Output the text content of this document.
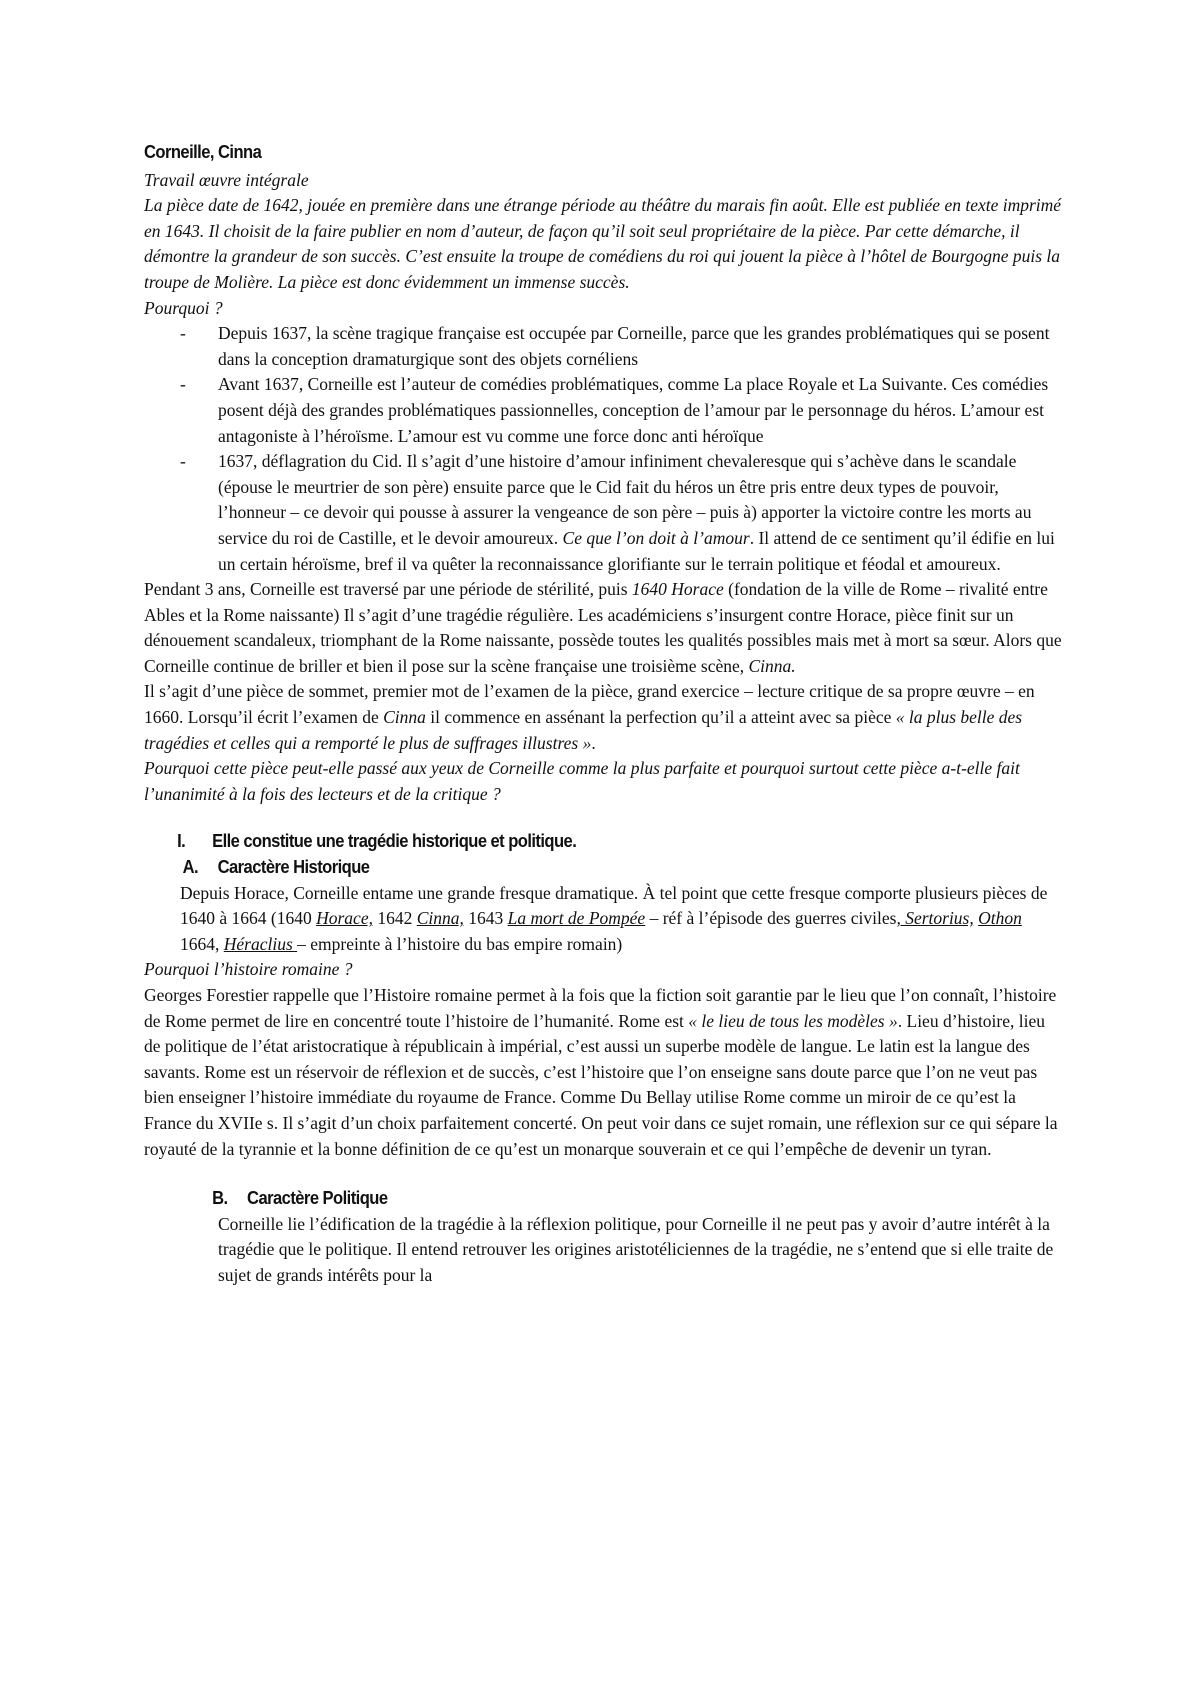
Corneille, Cinna

Travail œuvre intégrale

La pièce date de 1642, jouée en première dans une étrange période au théâtre du marais fin août. Elle est publiée en texte imprimé en 1643. Il choisit de la faire publier en nom d’auteur, de façon qu’il soit seul propriétaire de la pièce. Par cette démarche, il démontre la grandeur de son succès. C’est ensuite la troupe de comédiens du roi qui jouent la pièce à l’hôtel de Bourgogne puis la troupe de Molière. La pièce est donc évidemment un immense succès.

Pourquoi ?

- Depuis 1637, la scène tragique française est occupée par Corneille, parce que les grandes problématiques qui se posent dans la conception dramaturgique sont des objets cornéliens
- Avant 1637, Corneille est l’auteur de comédies problématiques, comme La place Royale et La Suivante. Ces comédies posent déjà des grandes problématiques passionnelles, conception de l’amour par le personnage du héros. L’amour est antagoniste à l’héroïsme. L’amour est vu comme une force donc anti héroïque
- 1637, déflagration du Cid. Il s’agit d’une histoire d’amour infiniment chevaleresque qui s’achève dans le scandale (épouse le meurtrier de son père) ensuite parce que le Cid fait du héros un être pris entre deux types de pouvoir, l’honneur – ce devoir qui pousse à assurer la vengeance de son père – puis à) apporter la victoire contre les morts au service du roi de Castille, et le devoir amoureux. Ce que l’on doit à l’amour. Il attend de ce sentiment qu’il édifie en lui un certain héroïsme, bref il va quêter la reconnaissance glorifiante sur le terrain politique et féodal et amoureux.

Pendant 3 ans, Corneille est traversé par une période de stérilité, puis 1640 Horace (fondation de la ville de Rome – rivalité entre Ables et la Rome naissante) Il s’agit d’une tragédie régulière. Les académiciens s’insurgent contre Horace, pièce finit sur un dénouement scandaleux, triomphant de la Rome naissante, possède toutes les qualités possibles mais met à mort sa sœur. Alors que Corneille continue de briller et bien il pose sur la scène française une troisième scène, Cinna.

Il s’agit d’une pièce de sommet, premier mot de l’examen de la pièce, grand exercice – lecture critique de sa propre œuvre – en 1660. Lorsqu’il écrit l’examen de Cinna il commence en assénant la perfection qu’il a atteint avec sa pièce « la plus belle des tragédies et celles qui a remporté le plus de suffrages illustres ».

Pourquoi cette pièce peut-elle passé aux yeux de Corneille comme la plus parfaite et pourquoi surtout cette pièce a-t-elle fait l’unanimité à la fois des lecteurs et de la critique ?

I.	Elle constitue une tragédie historique et politique.
A.	Caractère Historique

Depuis Horace, Corneille entame une grande fresque dramatique. À tel point que cette fresque comporte plusieurs pièces de 1640 à 1664 (1640 Horace, 1642 Cinna, 1643 La mort de Pompée – réf à l’épisode des guerres civiles, Sertorius, Othon 1664, Héraclius – empreinte à l’histoire du bas empire romain)

Pourquoi l’histoire romaine ?

Georges Forestier rappelle que l’Histoire romaine permet à la fois que la fiction soit garantie par le lieu que l’on connaît, l’histoire de Rome permet de lire en concentré toute l’histoire de l’humanité. Rome est « le lieu de tous les modèles ». Lieu d’histoire, lieu de politique de l’état aristocratique à républicain à impérial, c’est aussi un superbe modèle de langue. Le latin est la langue des savants. Rome est un réservoir de réflexion et de succès, c’est l’histoire que l’on enseigne sans doute parce que l’on ne veut pas bien enseigner l’histoire immédiate du royaume de France. Comme Du Bellay utilise Rome comme un miroir de ce qu’est la France du XVIIe s. Il s’agit d’un choix parfaitement concerté. On peut voir dans ce sujet romain, une réflexion sur ce qui sépare la royauté de la tyrannie et la bonne définition de ce qu’est un monarque souverain et ce qui l’empêche de devenir un tyran.

B.	Caractère Politique

Corneille lie l’édification de la tragédie à la réflexion politique, pour Corneille il ne peut pas y avoir d’autre intérêt à la tragédie que le politique. Il entend retrouver les origines aristotéliciennes de la tragédie, ne s’entend que si elle traite de sujet de grands intérêts pour la
